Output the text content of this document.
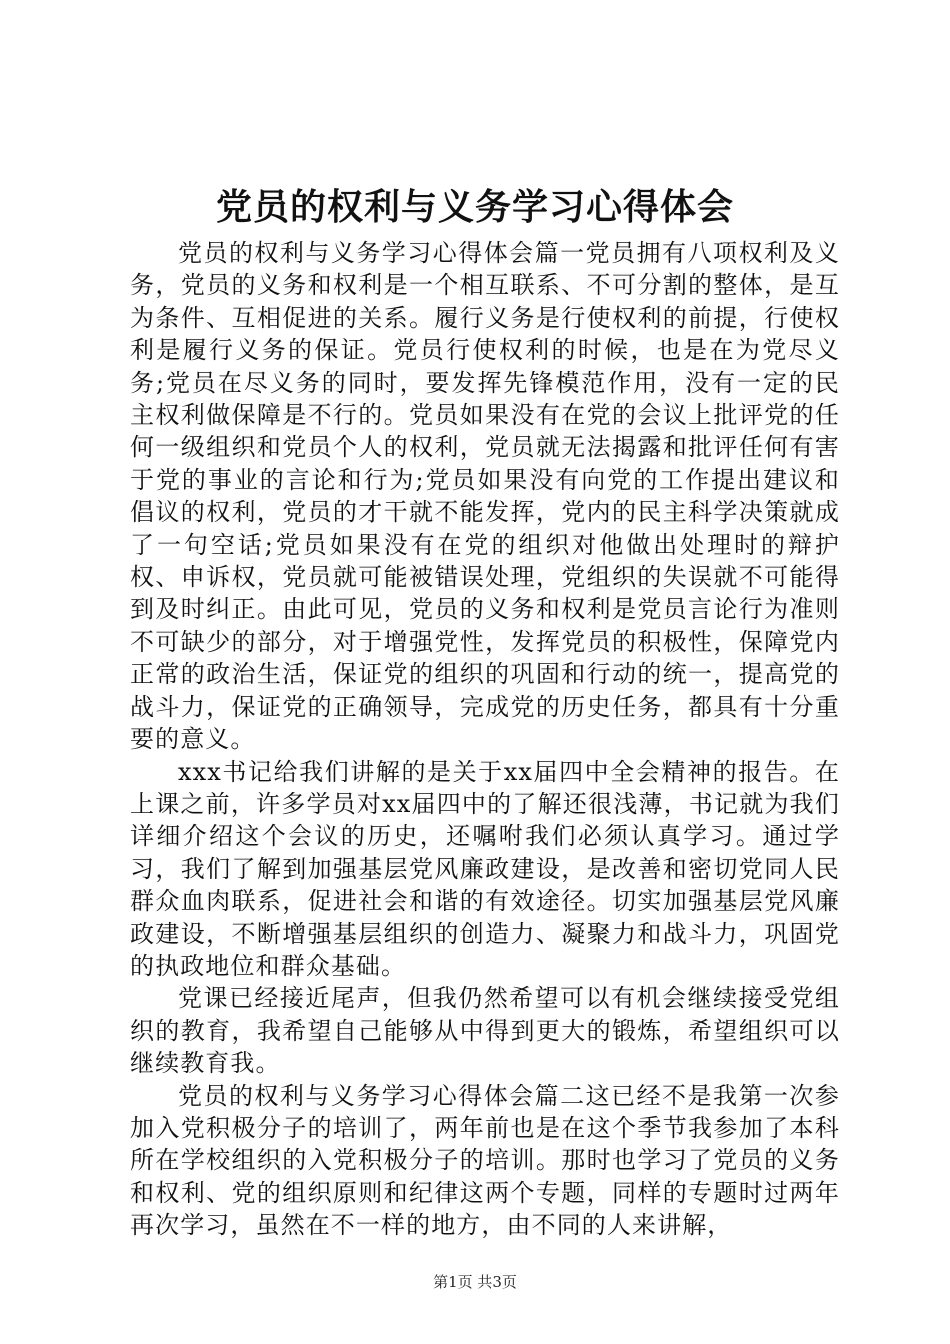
党员的权利与义务学习心得体会

党员的权利与义务学习心得体会篇一党员拥有八项权利及义务，党员的义务和权利是一个相互联系、不可分割的整体，是互为条件、互相促进的关系。履行义务是行使权利的前提，行使权利是履行义务的保证。党员行使权利的时候，也是在为党尽义务;党员在尽义务的同时，要发挥先锋模范作用，没有一定的民主权利做保障是不行的。党员如果没有在党的会议上批评党的任何一级组织和党员个人的权利，党员就无法揭露和批评任何有害于党的事业的言论和行为;党员如果没有向党的工作提出建议和倡议的权利，党员的才干就不能发挥，党内的民主科学决策就成了一句空话;党员如果没有在党的组织对他做出处理时的辩护权、申诉权，党员就可能被错误处理，党组织的失误就不可能得到及时纠正。由此可见，党员的义务和权利是党员言论行为准则不可缺少的部分，对于增强党性，发挥党员的积极性，保障党内正常的政治生活，保证党的组织的巩固和行动的统一，提高党的战斗力，保证党的正确领导，完成党的历史任务，都具有十分重要的意义。

xxx书记给我们讲解的是关于xx届四中全会精神的报告。在上课之前，许多学员对xx届四中的了解还很浅薄，书记就为我们详细介绍这个会议的历史，还嘱咐我们必须认真学习。通过学习，我们了解到加强基层党风廉政建设，是改善和密切党同人民群众血肉联系，促进社会和谐的有效途径。切实加强基层党风廉政建设，不断增强基层组织的创造力、凝聚力和战斗力，巩固党的执政地位和群众基础。

党课已经接近尾声，但我仍然希望可以有机会继续接受党组织的教育，我希望自己能够从中得到更大的锻炼，希望组织可以继续教育我。

党员的权利与义务学习心得体会篇二这已经不是我第一次参加入党积极分子的培训了，两年前也是在这个季节我参加了本科所在学校组织的入党积极分子的培训。那时也学习了党员的义务和权利、党的组织原则和纪律这两个专题，同样的专题时过两年再次学习，虽然在不一样的地方，由不同的人来讲解，

第1页 共3页
